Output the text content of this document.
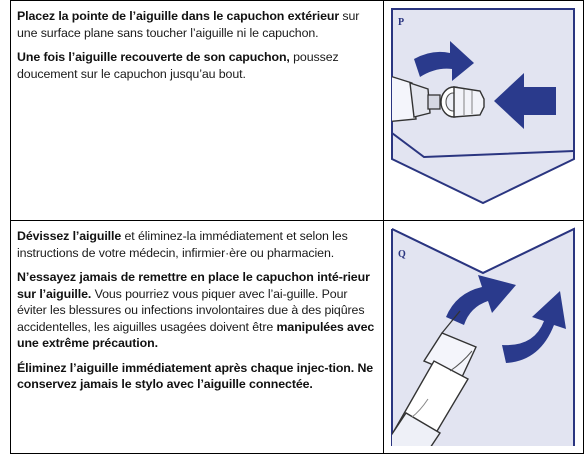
Placez la pointe de l’aiguille dans le capuchon extérieur sur une surface plane sans toucher l’aiguille ni le capuchon.

Une fois l’aiguille recouverte de son capuchon, poussez doucement sur le capuchon jusqu’au bout.	P

Dévissez l’aiguille et éliminez-la immédiatement et selon les instructions de votre médecin, infirmier·ère ou pharmacien.

N’essayez jamais de remettre en place le capuchon inté-rieur sur l’aiguille. Vous pourriez vous piquer avec l’ai-guille. Pour éviter les blessures ou infections involontaires due à des piqûres accidentelles, les aiguilles usagées doivent être manipulées avec une extrême précaution.

Éliminez l’aiguille immédiatement après chaque injec-tion. Ne conservez jamais le stylo avec l’aiguille connectée.	Q
